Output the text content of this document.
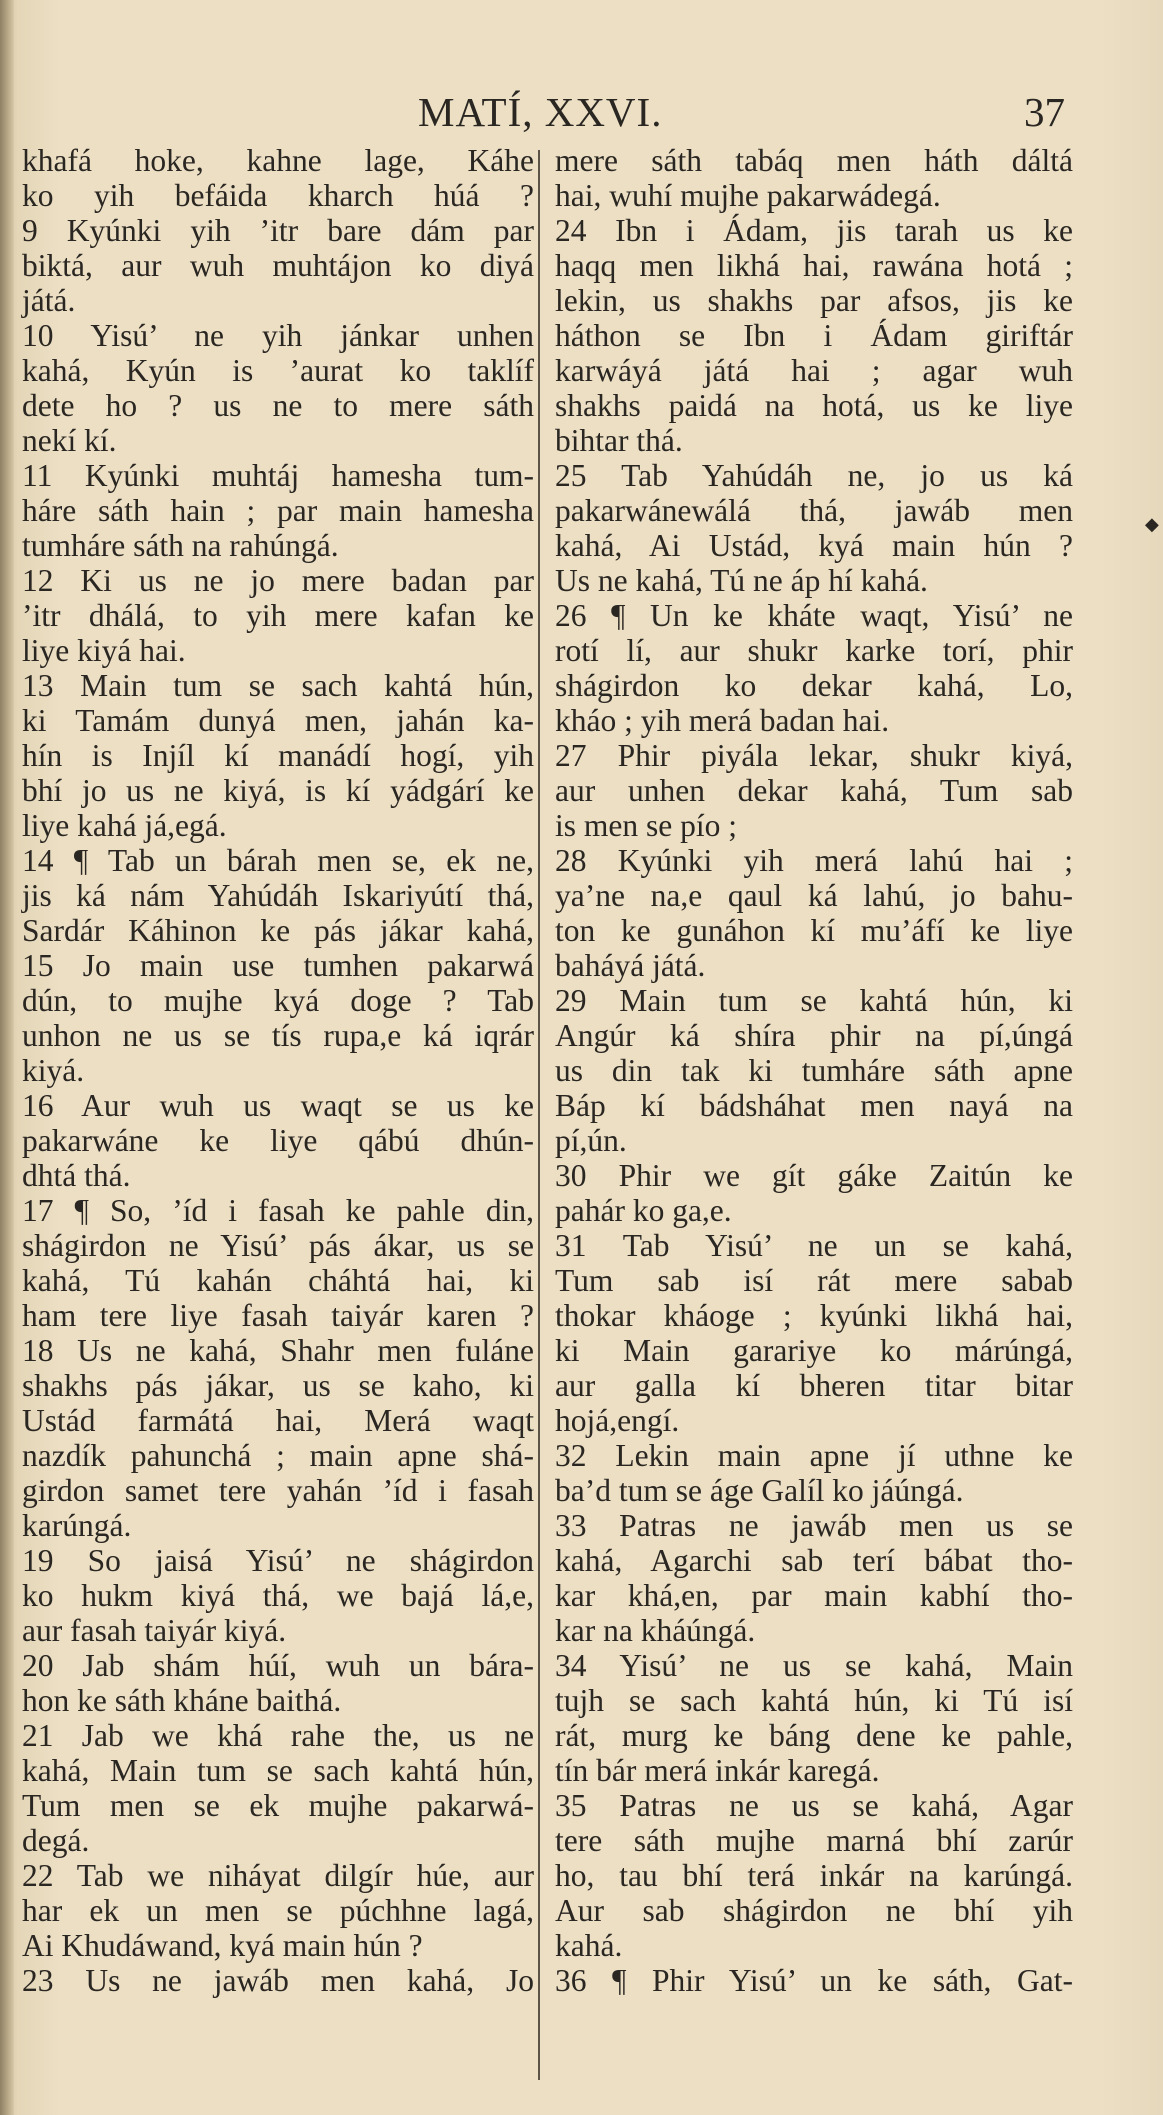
MATÍ, XXVI.	37
khafá hoke, kahne lage, Káhe
ko yih befáida kharch húá ?
9 Kyúnki yih ’itr bare dám par
biktá, aur wuh muhtájon ko diyá
játá.
10 Yisú’ ne yih jánkar unhen
kahá, Kyún is ’aurat ko taklíf
dete ho ? us ne to mere sáth
nekí kí.
11 Kyúnki muhtáj hamesha tum-
háre sáth hain ; par main hamesha
tumháre sáth na rahúngá.
12 Ki us ne jo mere badan par
’itr dhálá, to yih mere kafan ke
liye kiyá hai.
13 Main tum se sach kahtá hún,
ki Tamám dunyá men, jahán ka-
hín is Injíl kí manádí hogí, yih
bhí jo us ne kiyá, is kí yádgárí ke
liye kahá já,egá.
14 ¶ Tab un bárah men se, ek ne,
jis ká nám Yahúdáh Iskariyútí thá,
Sardár Káhinon ke pás jákar kahá,
15 Jo main use tumhen pakarwá
dún, to mujhe kyá doge ? Tab
unhon ne us se tís rupa,e ká iqrár
kiyá.
16 Aur wuh us waqt se us ke
pakarwáne ke liye qábú dhún-
dhtá thá.
17 ¶ So, ’íd i fasah ke pahle din,
shágirdon ne Yisú’ pás ákar, us se
kahá, Tú kahán cháhtá hai, ki
ham tere liye fasah taiyár karen ?
18 Us ne kahá, Shahr men fuláne
shakhs pás jákar, us se kaho, ki
Ustád farmátá hai, Merá waqt
nazdík pahunchá ; main apne shá-
girdon samet tere yahán ’íd i fasah
karúngá.
19 So jaisá Yisú’ ne shágirdon
ko hukm kiyá thá, we bajá lá,e,
aur fasah taiyár kiyá.
20 Jab shám húí, wuh un bára-
hon ke sáth kháne baithá.
21 Jab we khá rahe the, us ne
kahá, Main tum se sach kahtá hún,
Tum men se ek mujhe pakarwá-
degá.
22 Tab we niháyat dilgír húe, aur
har ek un men se púchhne lagá,
Ai Khudáwand, kyá main hún ?
23 Us ne jawáb men kahá, Jo
mere sáth tabáq men háth dáltá
hai, wuhí mujhe pakarwádegá.
24 Ibn i Ádam, jis tarah us ke
haqq men likhá hai, rawána hotá ;
lekin, us shakhs par afsos, jis ke
háthon se Ibn i Ádam giriftár
karwáyá játá hai ; agar wuh
shakhs paidá na hotá, us ke liye
bihtar thá.
25 Tab Yahúdáh ne, jo us ká
pakarwánewálá thá, jawáb men
kahá, Ai Ustád, kyá main hún ?
Us ne kahá, Tú ne áp hí kahá.
26 ¶ Un ke kháte waqt, Yisú’ ne
rotí lí, aur shukr karke torí, phir
shágirdon ko dekar kahá, Lo,
kháo ; yih merá badan hai.
27 Phir piyála lekar, shukr kiyá,
aur unhen dekar kahá, Tum sab
is men se pío ;
28 Kyúnki yih merá lahú hai ;
ya’ne na,e qaul ká lahú, jo bahu-
ton ke gunáhon kí mu’áfí ke liye
baháyá játá.
29 Main tum se kahtá hún, ki
Angúr ká shíra phir na pí,úngá
us din tak ki tumháre sáth apne
Báp kí bádsháhat men nayá na
pí,ún.
30 Phir we gít gáke Zaitún ke
pahár ko ga,e.
31 Tab Yisú’ ne un se kahá,
Tum sab isí rát mere sabab
thokar kháoge ; kyúnki likhá hai,
ki Main garariye ko márúngá,
aur galla kí bheren titar bitar
hojá,engí.
32 Lekin main apne jí uthne ke
ba’d tum se áge Galíl ko jáúngá.
33 Patras ne jawáb men us se
kahá, Agarchi sab terí bábat tho-
kar khá,en, par main kabhí tho-
kar na kháúngá.
34 Yisú’ ne us se kahá, Main
tujh se sach kahtá hún, ki Tú isí
rát, murg ke báng dene ke pahle,
tín bár merá inkár karegá.
35 Patras ne us se kahá, Agar
tere sáth mujhe marná bhí zarúr
ho, tau bhí terá inkár na karúngá.
Aur sab shágirdon ne bhí yih
kahá.
36 ¶ Phir Yisú’ un ke sáth, Gat-
◆
